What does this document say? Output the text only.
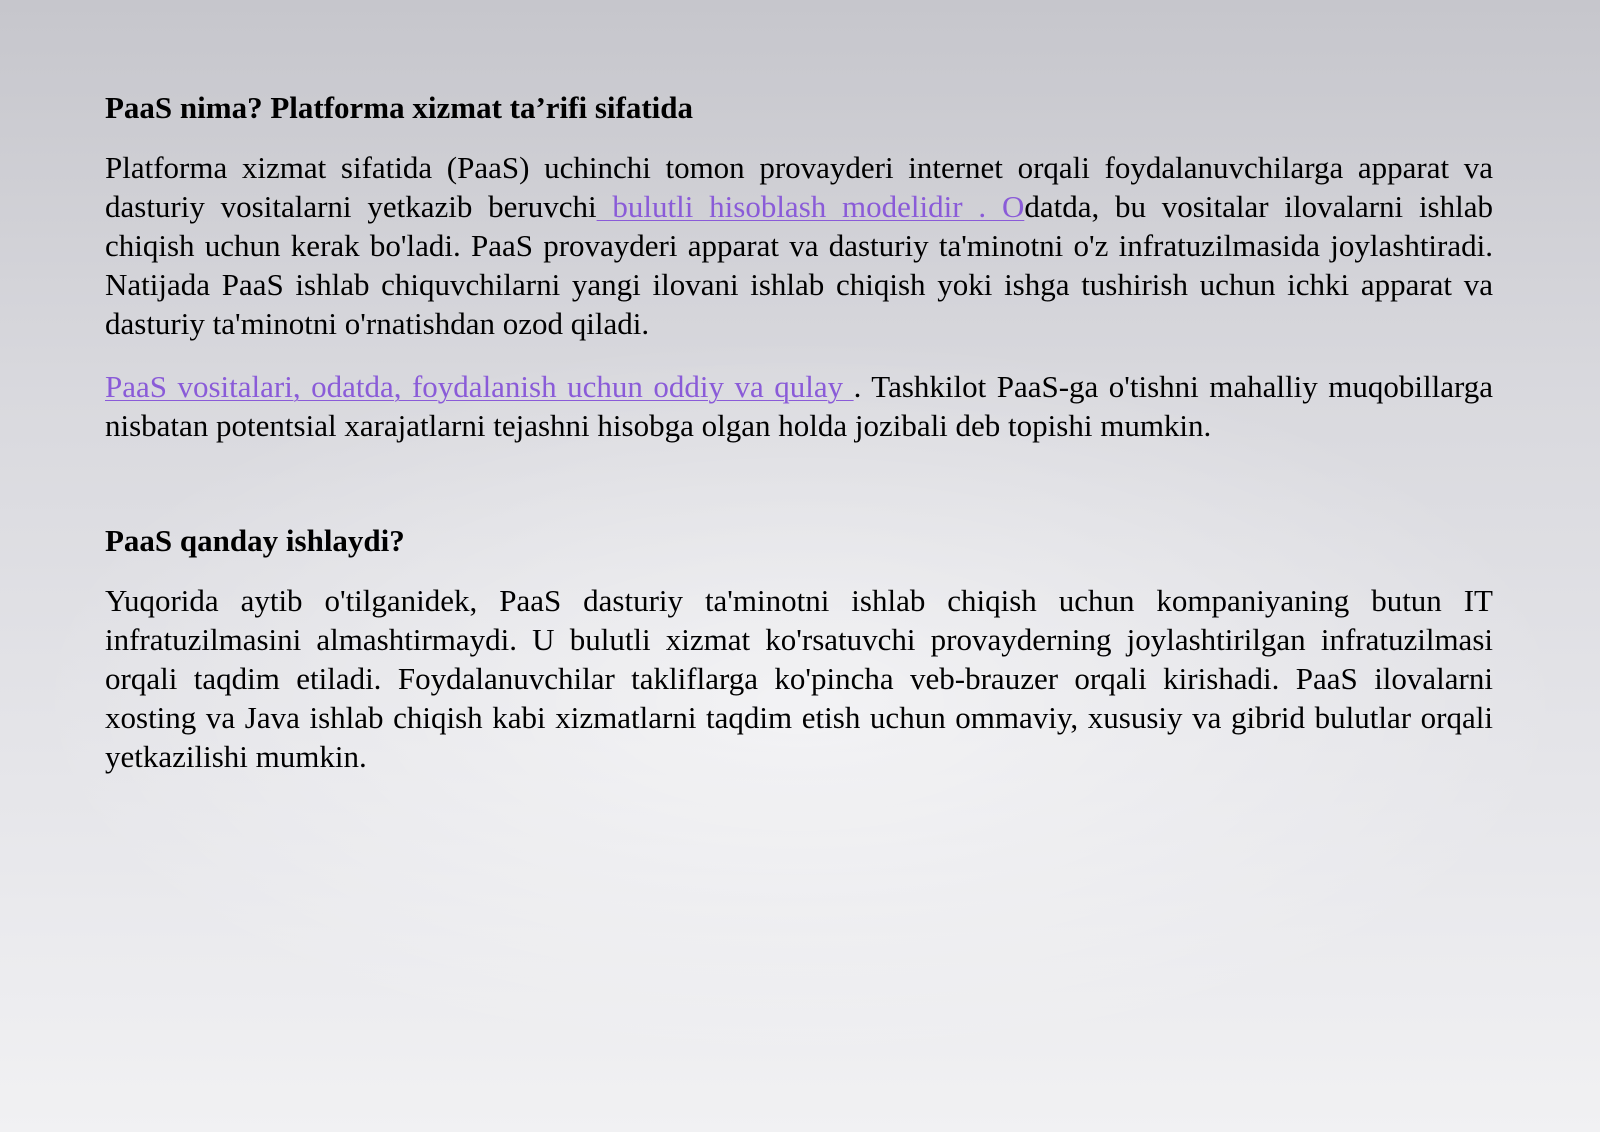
PaaS nima? Platforma xizmat ta’rifi sifatida

Platforma xizmat sifatida (PaaS) uchinchi tomon provayderi internet orqali foydalanuvchilarga apparat va dasturiy vositalarni yetkazib beruvchi bulutli hisoblash modelidir . Odatda, bu vositalar ilovalarni ishlab chiqish uchun kerak bo'ladi. PaaS provayderi apparat va dasturiy ta'minotni o'z infratuzilmasida joylashtiradi. Natijada PaaS ishlab chiquvchilarni yangi ilovani ishlab chiqish yoki ishga tushirish uchun ichki apparat va dasturiy ta'minotni o'rnatishdan ozod qiladi.

PaaS vositalari, odatda, foydalanish uchun oddiy va qulay . Tashkilot PaaS-ga o'tishni mahalliy muqobillarga nisbatan potentsial xarajatlarni tejashni hisobga olgan holda jozibali deb topishi mumkin.

PaaS qanday ishlaydi?

Yuqorida aytib o'tilganidek, PaaS dasturiy ta'minotni ishlab chiqish uchun kompaniyaning butun IT infratuzilmasini almashtirmaydi. U bulutli xizmat ko'rsatuvchi provayderning joylashtirilgan infratuzilmasi orqali taqdim etiladi. Foydalanuvchilar takliflarga ko'pincha veb-brauzer orqali kirishadi. PaaS ilovalarni xosting va Java ishlab chiqish kabi xizmatlarni taqdim etish uchun ommaviy, xususiy va gibrid bulutlar orqali yetkazilishi mumkin.
